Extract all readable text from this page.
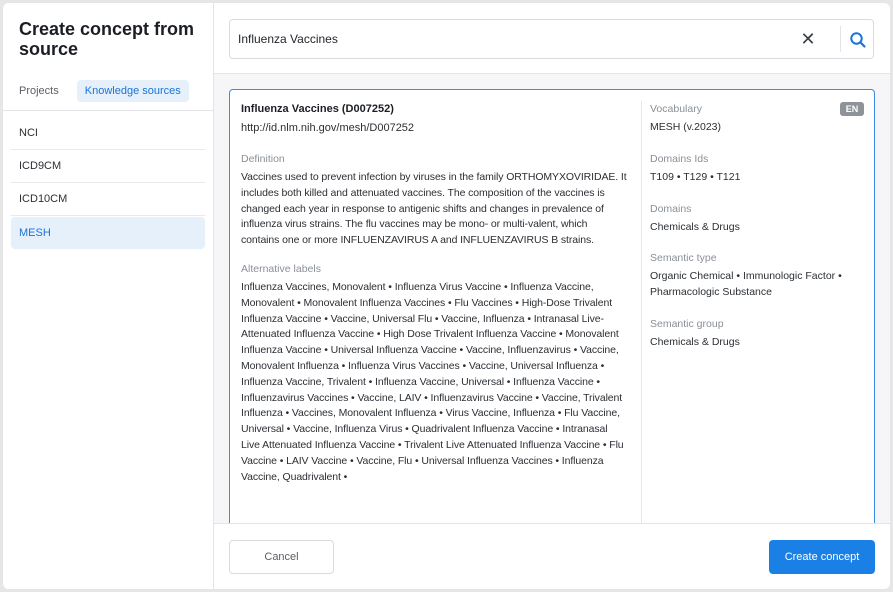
Create concept from source
Projects	Knowledge sources
NCI
ICD9CM
ICD10CM
MESH
Influenza Vaccines
✕
Influenza Vaccines (D007252)
http://id.nlm.nih.gov/mesh/D007252
Definition
Vaccines used to prevent infection by viruses in the family ORTHOMYXOVIRIDAE. It includes both killed and attenuated vaccines. The composition of the vaccines is changed each year in response to antigenic shifts and changes in prevalence of influenza virus strains. The flu vaccines may be mono- or multi-valent, which contains one or more INFLUENZAVIRUS A and INFLUENZAVIRUS B strains.
Alternative labels
Influenza Vaccines, Monovalent • Influenza Virus Vaccine • Influenza Vaccine, Monovalent • Monovalent Influenza Vaccines • Flu Vaccines • High-Dose Trivalent Influenza Vaccine • Vaccine, Universal Flu • Vaccine, Influenza • Intranasal Live-Attenuated Influenza Vaccine • High Dose Trivalent Influenza Vaccine • Monovalent Influenza Vaccine • Universal Influenza Vaccine • Vaccine, Influenzavirus • Vaccine, Monovalent Influenza • Influenza Virus Vaccines • Vaccine, Universal Influenza • Influenza Vaccine, Trivalent • Influenza Vaccine, Universal • Influenza Vaccine • Influenzavirus Vaccines • Vaccine, LAIV • Influenzavirus Vaccine • Vaccine, Trivalent Influenza • Vaccines, Monovalent Influenza • Virus Vaccine, Influenza • Flu Vaccine, Universal • Vaccine, Influenza Virus • Quadrivalent Influenza Vaccine • Intranasal Live Attenuated Influenza Vaccine • Trivalent Live Attenuated Influenza Vaccine • Flu Vaccine • LAIV Vaccine • Vaccine, Flu • Universal Influenza Vaccines • Influenza Vaccine, Quadrivalent •
Vocabulary
MESH (v.2023)
Domains Ids
T109 • T129 • T121
Domains
Chemicals & Drugs
Semantic type
Organic Chemical • Immunologic Factor • Pharmacologic Substance
Semantic group
Chemicals & Drugs
EN
Cancel	Create concept
